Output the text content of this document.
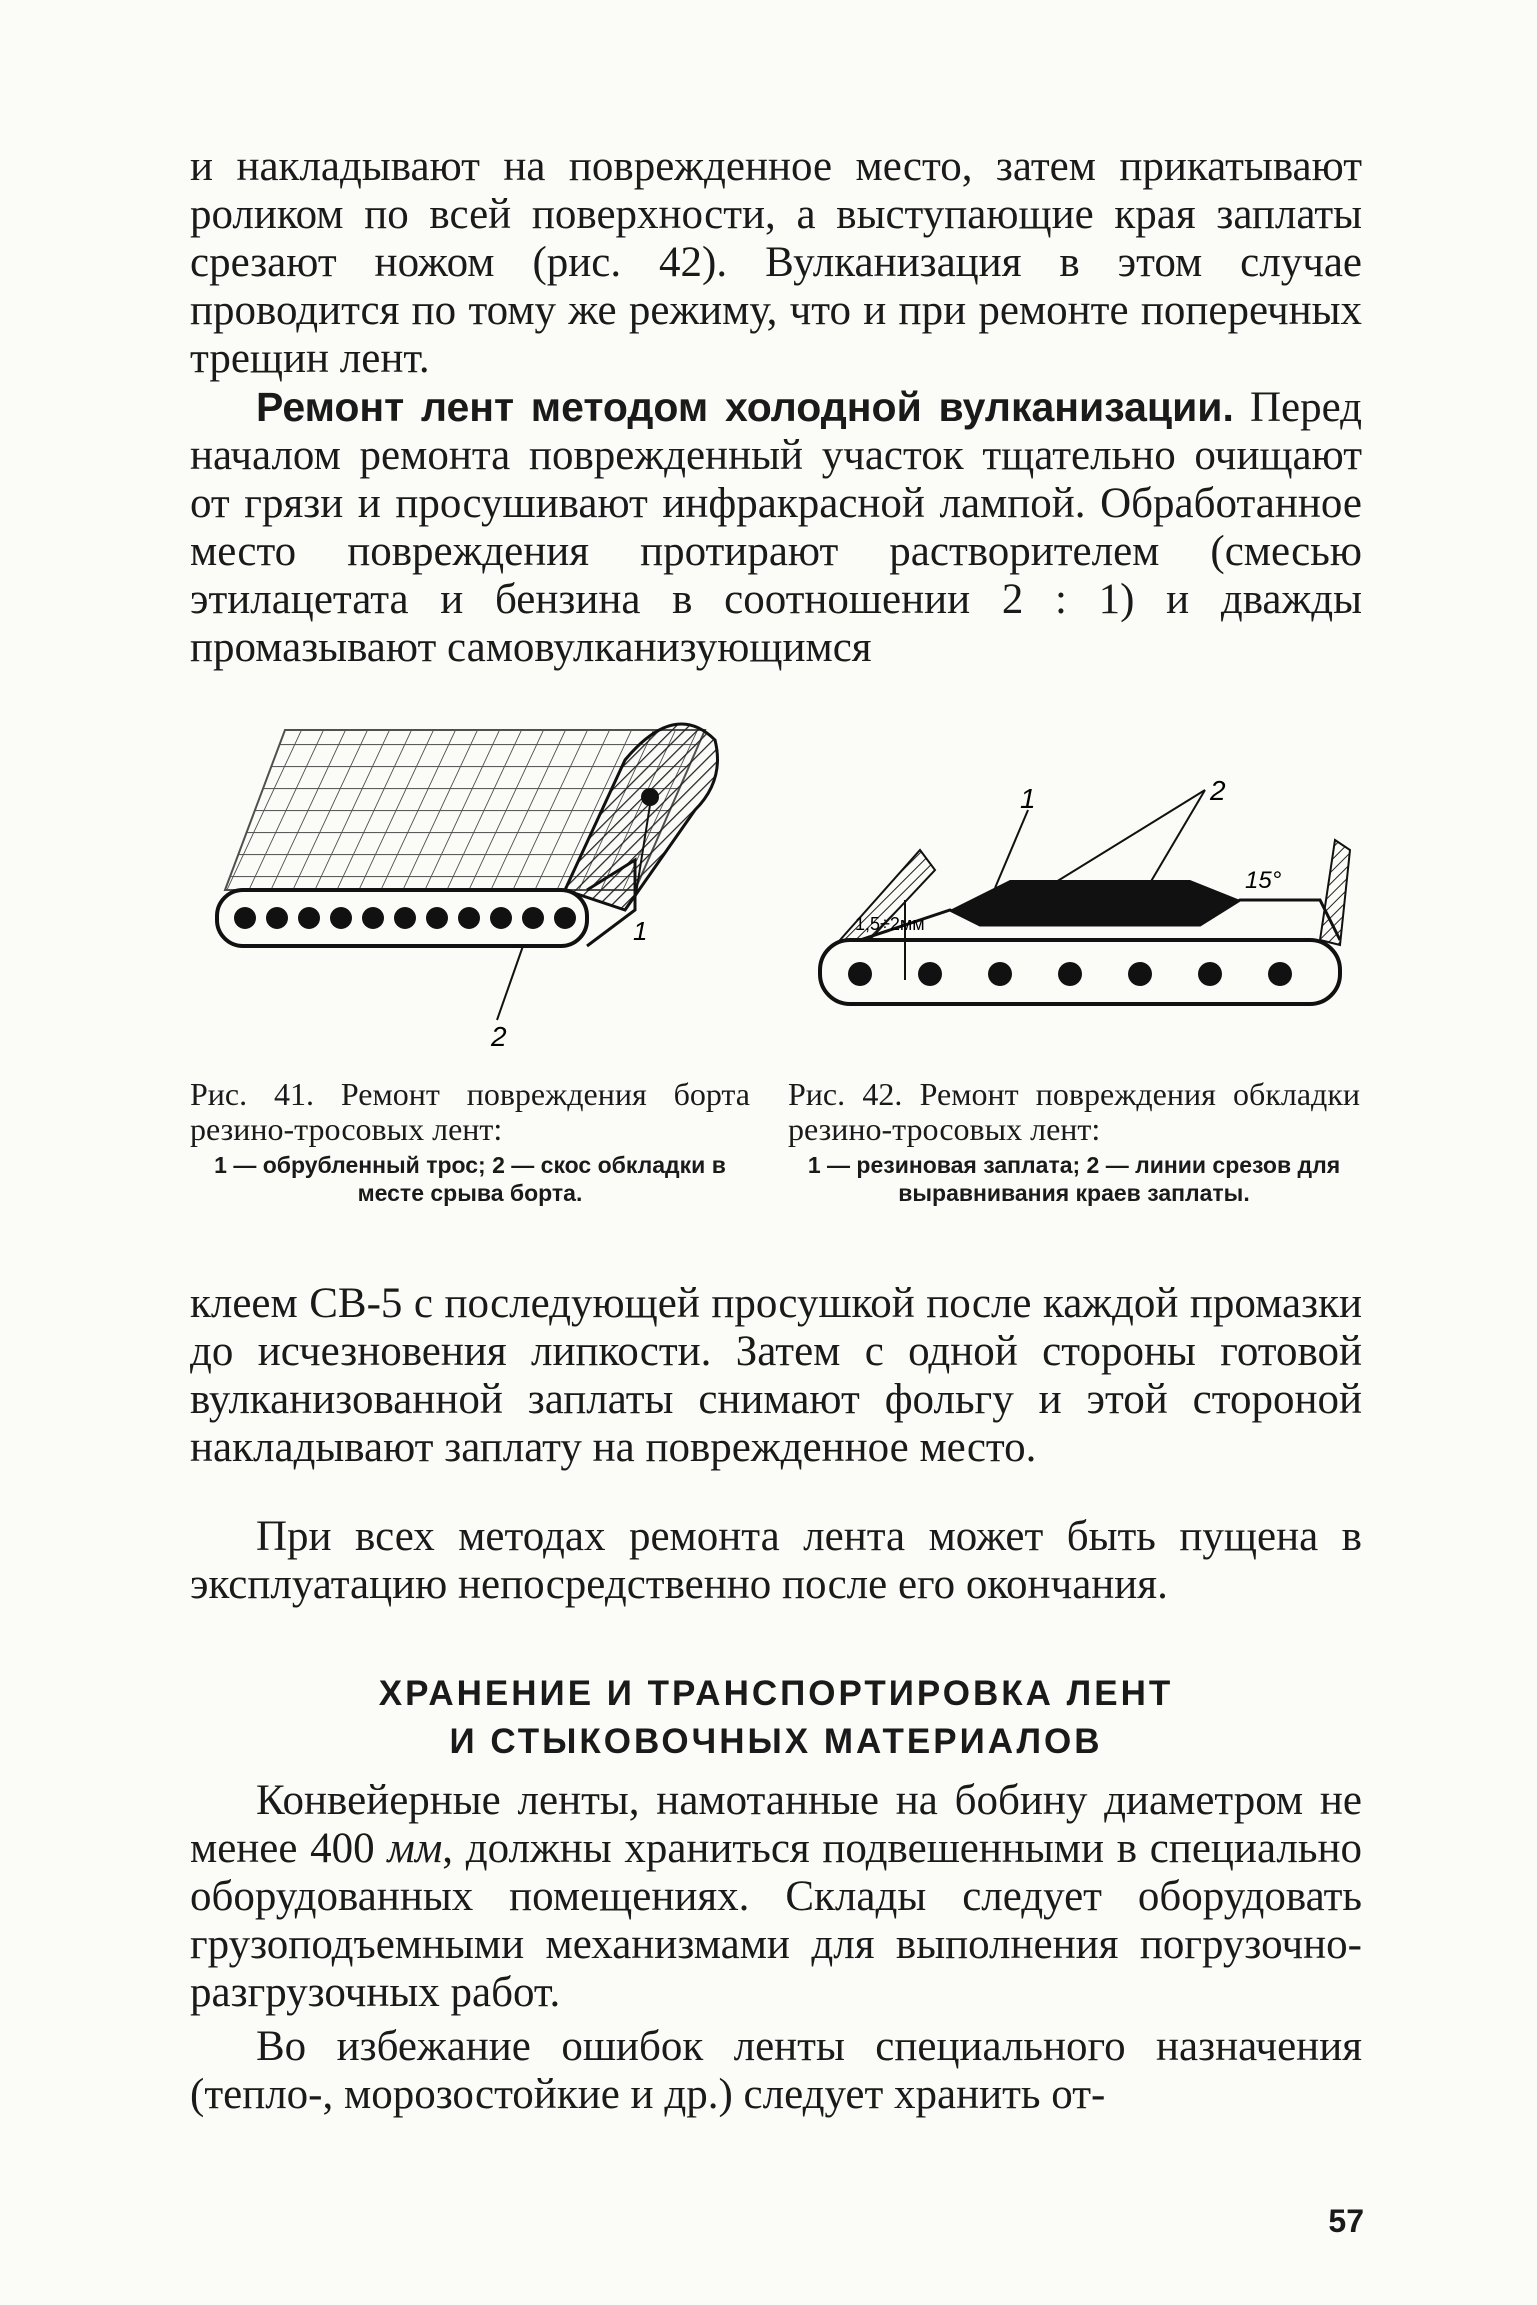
и накладывают на поврежденное место, затем прикатывают роликом по всей поверхности, а выступающие края заплаты срезают ножом (рис. 42). Вулканизация в этом случае проводится по тому же режиму, что и при ремонте поперечных трещин лент.

Ремонт лент методом холодной вулканизации. Перед началом ремонта поврежденный участок тщательно очищают от грязи и просушивают инфракрасной лампой. Обработанное место повреждения протирают растворителем (смесью этилацетата и бензина в соотношении 2 : 1) и дважды промазывают самовулканизующимся

1
2
1	2
1,5÷2мм
15°
Рис. 41. Ремонт повреждения борта резино-тросовых лент:
1 — обрубленный трос; 2 — скос обкладки в месте срыва борта.
Рис. 42. Ремонт повреждения обкладки резино-тросовых лент:
1 — резиновая заплата; 2 — линии срезов для выравнивания краев заплаты.

клеем СВ-5 с последующей просушкой после каждой промазки до исчезновения липкости. Затем с одной стороны готовой вулканизованной заплаты снимают фольгу и этой стороной накладывают заплату на поврежденное место.

При всех методах ремонта лента может быть пущена в эксплуатацию непосредственно после его окончания.

ХРАНЕНИЕ И ТРАНСПОРТИРОВКА ЛЕНТ
И СТЫКОВОЧНЫХ МАТЕРИАЛОВ

Конвейерные ленты, намотанные на бобину диаметром не менее 400 мм, должны храниться подвешенными в специально оборудованных помещениях. Склады следует оборудовать грузоподъемными механизмами для выполнения погрузочно-разгрузочных работ.

Во избежание ошибок ленты специального назначения (тепло-, морозостойкие и др.) следует хранить от-

57
